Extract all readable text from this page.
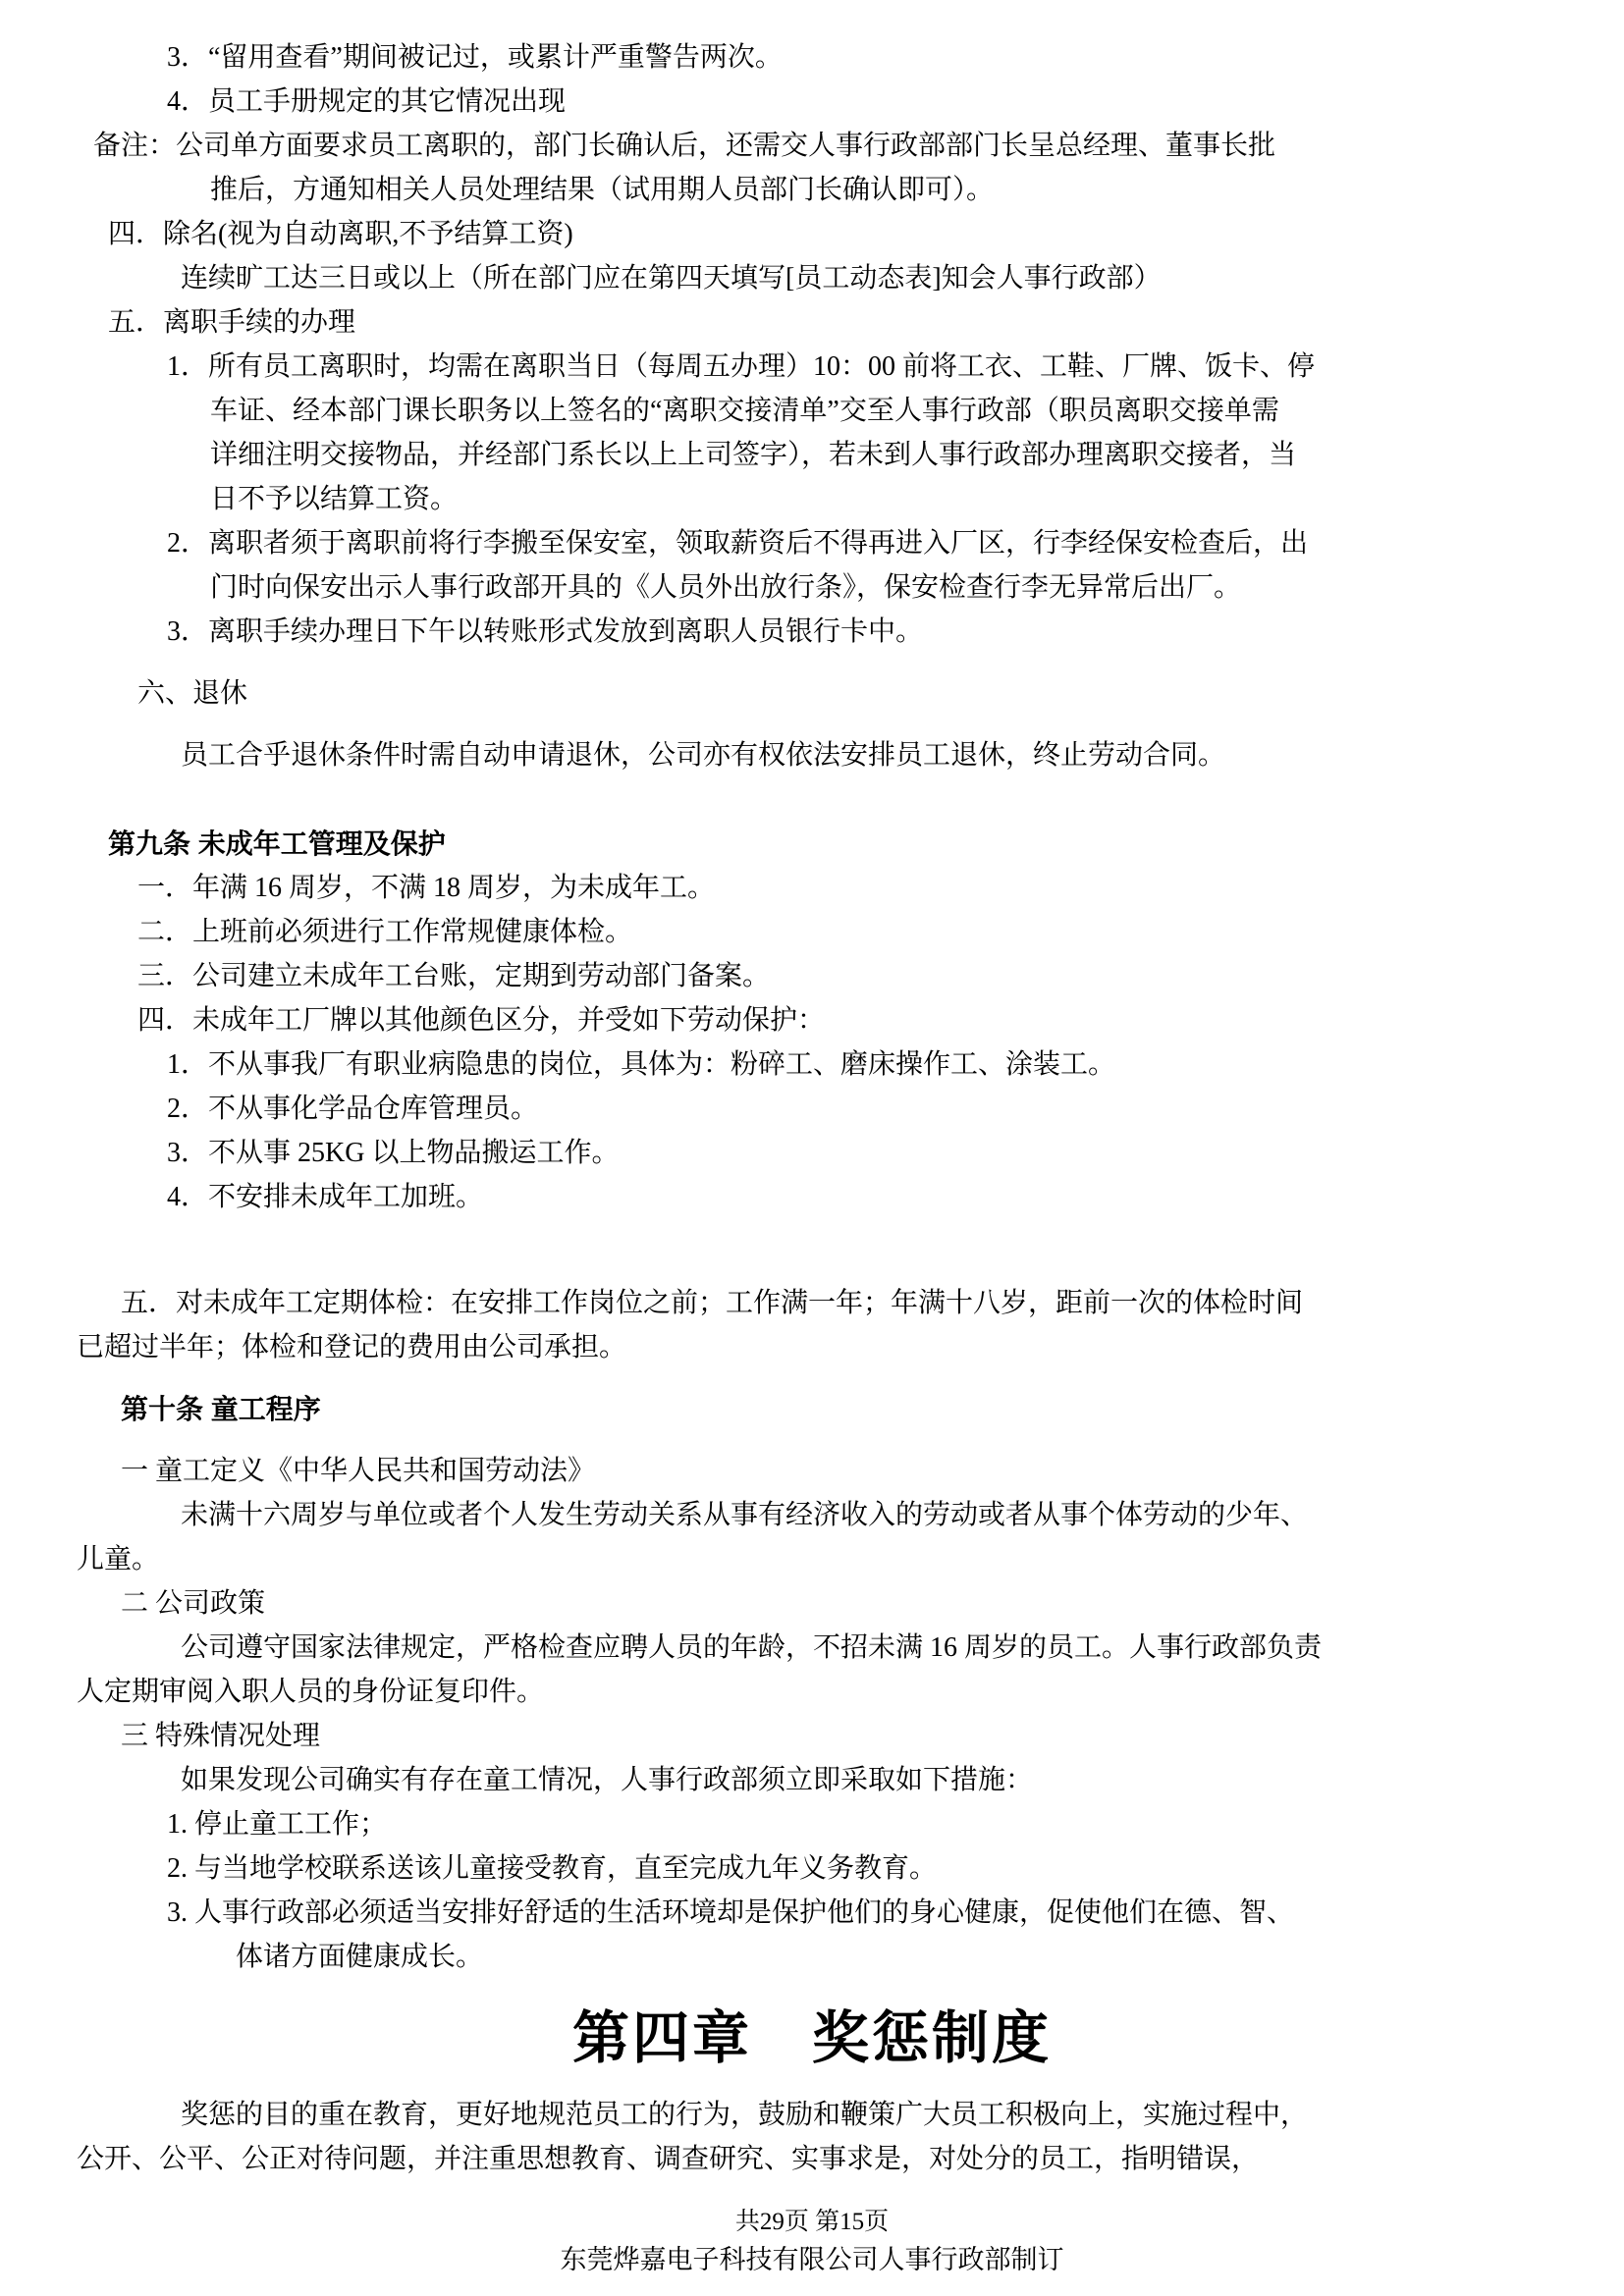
3．“留用查看”期间被记过，或累计严重警告两次。
4．员工手册规定的其它情况出现
备注：公司单方面要求员工离职的，部门长确认后，还需交人事行政部部门长呈总经理、董事长批
推后，方通知相关人员处理结果（试用期人员部门长确认即可）。
四．除名(视为自动离职,不予结算工资)
连续旷工达三日或以上（所在部门应在第四天填写[员工动态表]知会人事行政部）
五．离职手续的办理
1．所有员工离职时，均需在离职当日（每周五办理）10：00 前将工衣、工鞋、厂牌、饭卡、停
车证、经本部门课长职务以上签名的“离职交接清单”交至人事行政部（职员离职交接单需
详细注明交接物品，并经部门系长以上上司签字），若未到人事行政部办理离职交接者，当
日不予以结算工资。
2．离职者须于离职前将行李搬至保安室，领取薪资后不得再进入厂区，行李经保安检查后，出
门时向保安出示人事行政部开具的《人员外出放行条》，保安检查行李无异常后出厂。
3．离职手续办理日下午以转账形式发放到离职人员银行卡中。
六、退休
员工合乎退休条件时需自动申请退休，公司亦有权依法安排员工退休，终止劳动合同。
第九条 未成年工管理及保护
一．年满 16 周岁，不满 18 周岁，为未成年工。
二．上班前必须进行工作常规健康体检。
三．公司建立未成年工台账，定期到劳动部门备案。
四．未成年工厂牌以其他颜色区分，并受如下劳动保护：
1．不从事我厂有职业病隐患的岗位，具体为：粉碎工、磨床操作工、涂装工。
2．不从事化学品仓库管理员。
3．不从事 25KG 以上物品搬运工作。
4．不安排未成年工加班。
五．对未成年工定期体检：在安排工作岗位之前；工作满一年；年满十八岁，距前一次的体检时间
已超过半年；体检和登记的费用由公司承担。
第十条 童工程序
一 童工定义《中华人民共和国劳动法》
未满十六周岁与单位或者个人发生劳动关系从事有经济收入的劳动或者从事个体劳动的少年、
儿童。
二 公司政策
公司遵守国家法律规定，严格检查应聘人员的年龄，不招未满 16 周岁的员工。人事行政部负责
人定期审阅入职人员的身份证复印件。
三 特殊情况处理
如果发现公司确实有存在童工情况，人事行政部须立即采取如下措施：
1. 停止童工工作；
2. 与当地学校联系送该儿童接受教育，直至完成九年义务教育。
3. 人事行政部必须适当安排好舒适的生活环境却是保护他们的身心健康，促使他们在德、智、
体诸方面健康成长。
第四章　奖惩制度
奖惩的目的重在教育，更好地规范员工的行为，鼓励和鞭策广大员工积极向上，实施过程中，
公开、公平、公正对待问题，并注重思想教育、调查研究、实事求是，对处分的员工，指明错误，
共29页 第15页
东莞烨嘉电子科技有限公司人事行政部制订
